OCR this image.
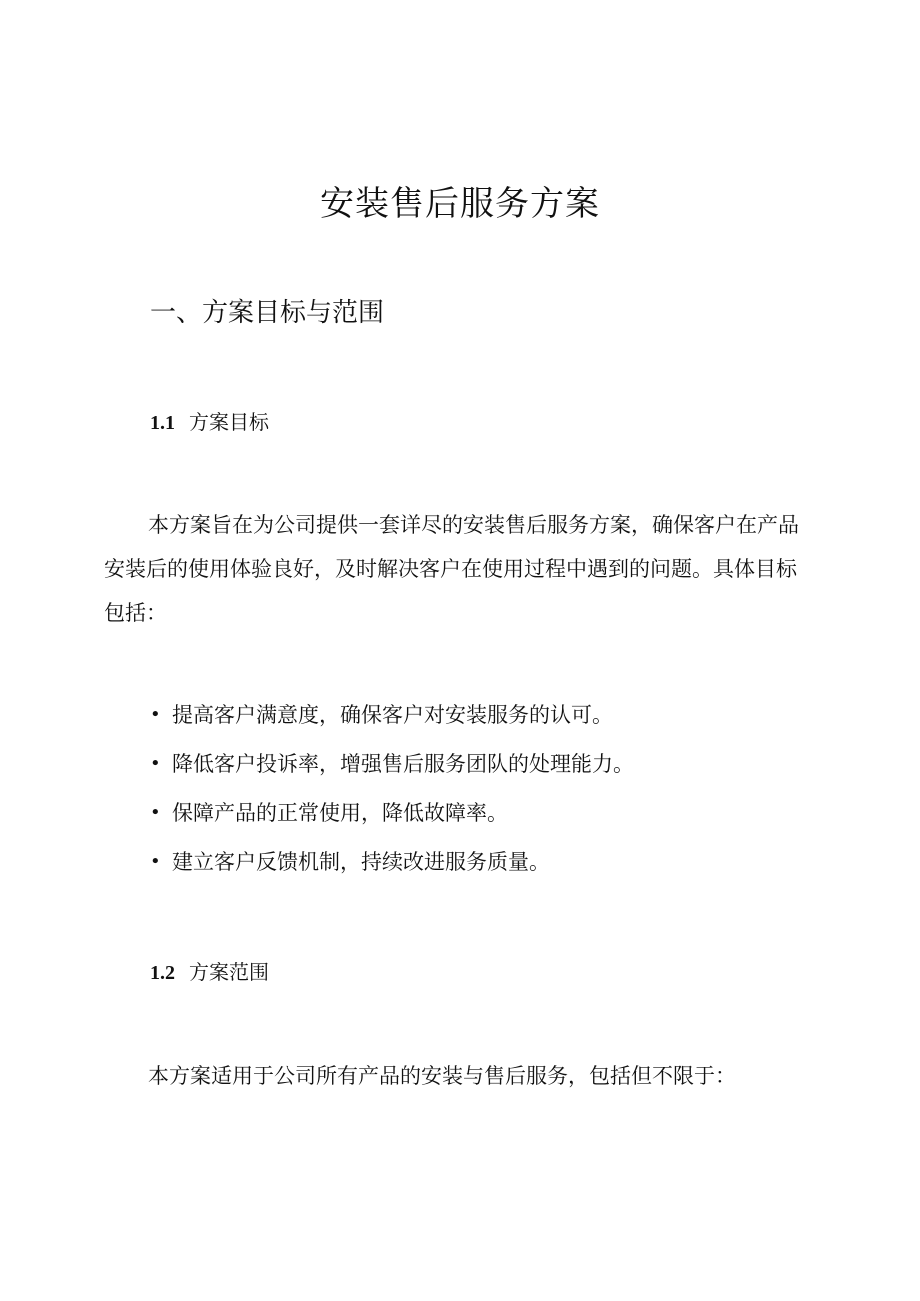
安装售后服务方案
一、方案目标与范围
1.1 方案目标

本方案旨在为公司提供一套详尽的安装售后服务方案，确保客户在产品安装后的使用体验良好，及时解决客户在使用过程中遇到的问题。具体目标包括：

• 提高客户满意度，确保客户对安装服务的认可。
• 降低客户投诉率，增强售后服务团队的处理能力。
• 保障产品的正常使用，降低故障率。
• 建立客户反馈机制，持续改进服务质量。
1.2 方案范围

本方案适用于公司所有产品的安装与售后服务，包括但不限于：
